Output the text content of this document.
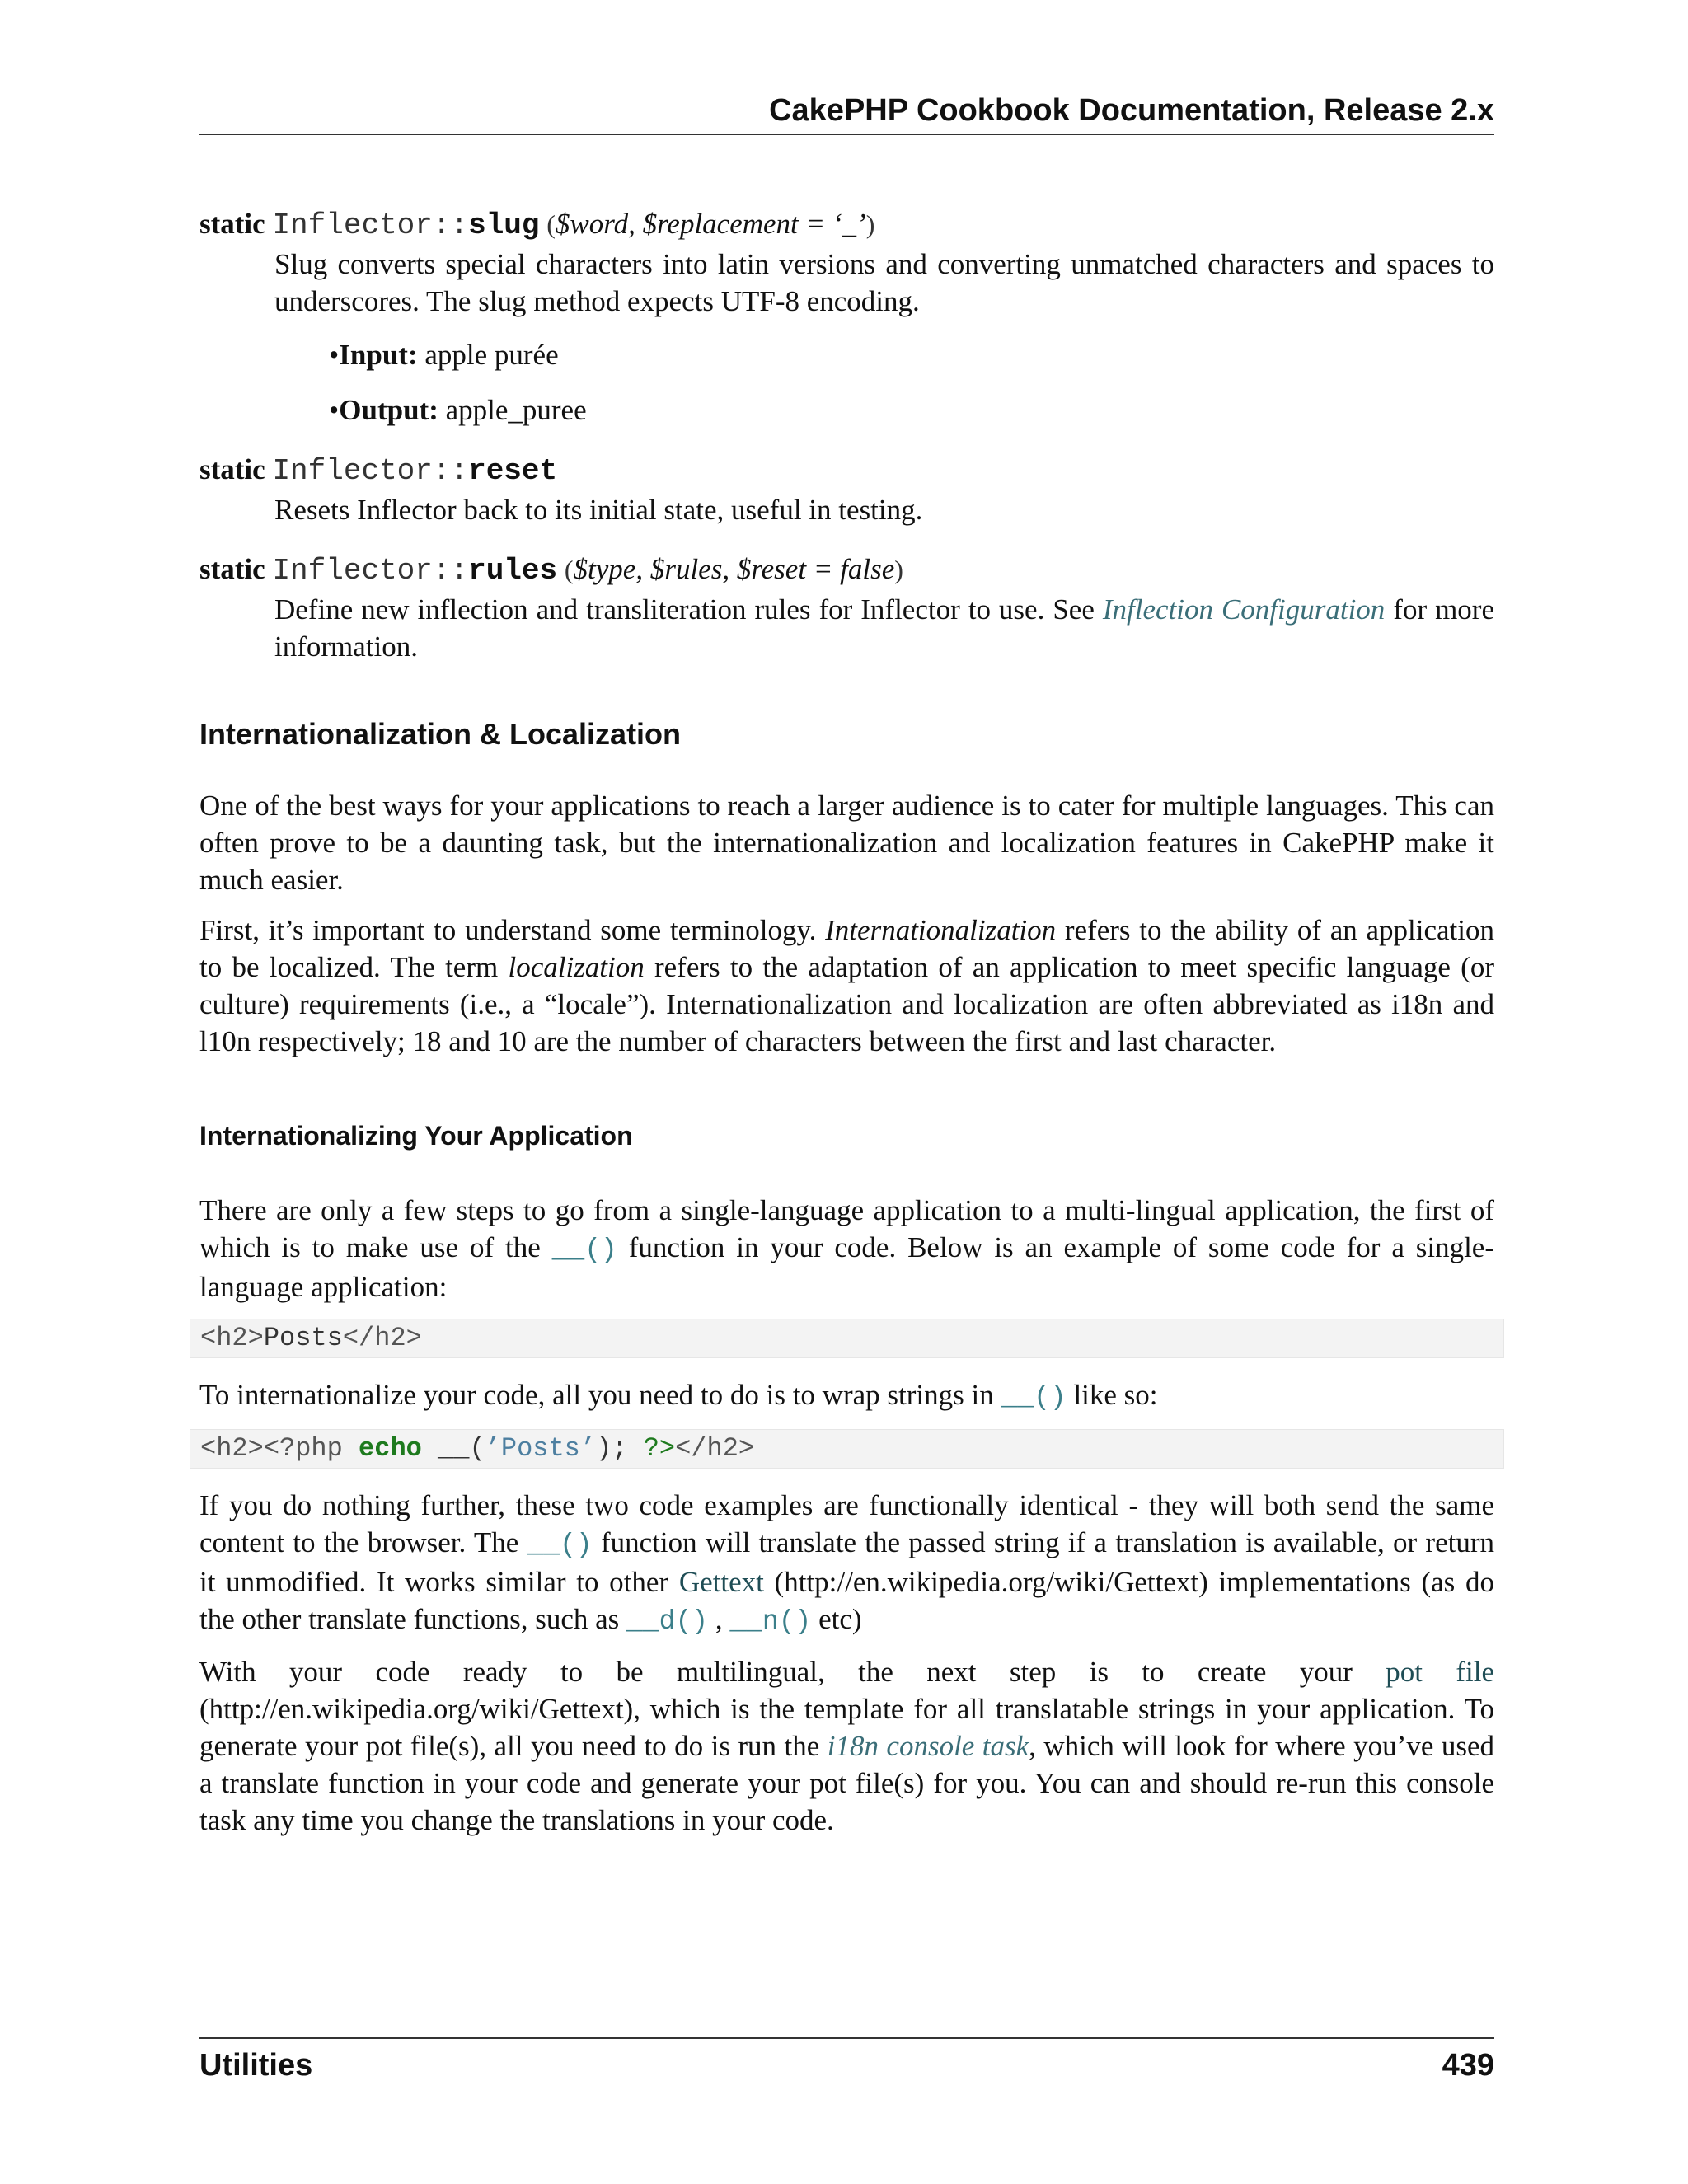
CakePHP Cookbook Documentation, Release 2.x
static Inflector::slug ($word, $replacement = ‘_’)

Slug converts special characters into latin versions and converting unmatched characters and spaces to underscores. The slug method expects UTF-8 encoding.

•Input: apple purée
•Output: apple_puree
static Inflector::reset

Resets Inflector back to its initial state, useful in testing.

static Inflector::rules ($type, $rules, $reset = false)

Define new inflection and transliteration rules for Inflector to use. See Inflection Configuration for more information.

Internationalization & Localization

One of the best ways for your applications to reach a larger audience is to cater for multiple languages. This can often prove to be a daunting task, but the internationalization and localization features in CakePHP make it much easier.

First, it’s important to understand some terminology. Internationalization refers to the ability of an application to be localized. The term localization refers to the adaptation of an application to meet specific language (or culture) requirements (i.e., a “locale”). Internationalization and localization are often abbreviated as i18n and l10n respectively; 18 and 10 are the number of characters between the first and last character.

Internationalizing Your Application

There are only a few steps to go from a single-language application to a multi-lingual application, the first of which is to make use of the __() function in your code. Below is an example of some code for a single-language application:

<h2>Posts</h2>

To internationalize your code, all you need to do is to wrap strings in __() like so:

<h2><?php echo __(’Posts’); ?></h2>

If you do nothing further, these two code examples are functionally identical - they will both send the same content to the browser. The __() function will translate the passed string if a translation is available, or return it unmodified. It works similar to other Gettext (http://en.wikipedia.org/wiki/Gettext) implementations (as do the other translate functions, such as __d() , __n() etc)

With your code ready to be multilingual, the next step is to create your pot file (http://en.wikipedia.org/wiki/Gettext), which is the template for all translatable strings in your application. To generate your pot file(s), all you need to do is run the i18n console task, which will look for where you’ve used a translate function in your code and generate your pot file(s) for you. You can and should re-run this console task any time you change the translations in your code.

Utilities	439
